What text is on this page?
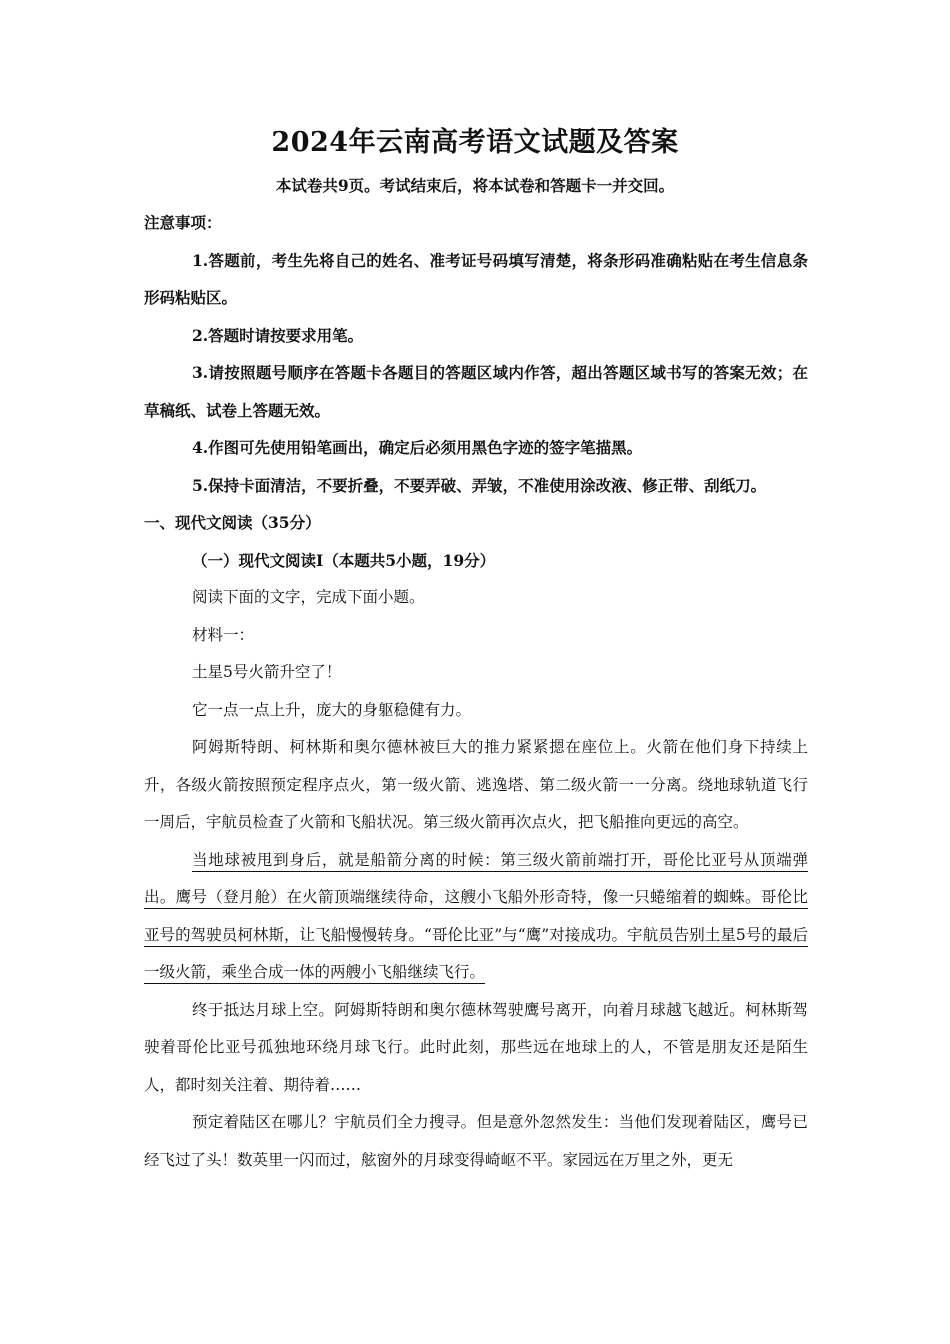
2024年云南高考语文试题及答案
本试卷共9页。考试结束后，将本试卷和答题卡一并交回。

注意事项：

1.答题前，考生先将自己的姓名、准考证号码填写清楚，将条形码准确粘贴在考生信息条形码粘贴区。

2.答题时请按要求用笔。

3.请按照题号顺序在答题卡各题目的答题区域内作答，超出答题区域书写的答案无效；在草稿纸、试卷上答题无效。

4.作图可先使用铅笔画出，确定后必须用黑色字迹的签字笔描黑。

5.保持卡面清洁，不要折叠，不要弄破、弄皱，不准使用涂改液、修正带、刮纸刀。

一、现代文阅读（35分）

（一）现代文阅读Ⅰ（本题共5小题，19分）

阅读下面的文字，完成下面小题。

材料一：

土星5号火箭升空了！

它一点一点上升，庞大的身躯稳健有力。

阿姆斯特朗、柯林斯和奥尔德林被巨大的推力紧紧摁在座位上。火箭在他们身下持续上升，各级火箭按照预定程序点火，第一级火箭、逃逸塔、第二级火箭一一分离。绕地球轨道飞行一周后，宇航员检查了火箭和飞船状况。第三级火箭再次点火，把飞船推向更远的高空。

当地球被甩到身后，就是船箭分离的时候：第三级火箭前端打开，哥伦比亚号从顶端弹出。鹰号（登月舱）在火箭顶端继续待命，这艘小飞船外形奇特，像一只蜷缩着的蜘蛛。哥伦比亚号的驾驶员柯林斯，让飞船慢慢转身。“哥伦比亚”与“鹰”对接成功。宇航员告别土星5号的最后一级火箭，乘坐合成一体的两艘小飞船继续飞行。

终于抵达月球上空。阿姆斯特朗和奥尔德林驾驶鹰号离开，向着月球越飞越近。柯林斯驾驶着哥伦比亚号孤独地环绕月球飞行。此时此刻，那些远在地球上的人，不管是朋友还是陌生人，都时刻关注着、期待着……

预定着陆区在哪儿？宇航员们全力搜寻。但是意外忽然发生：当他们发现着陆区，鹰号已经飞过了头！数英里一闪而过，舷窗外的月球变得崎岖不平。家园远在万里之外，更无
